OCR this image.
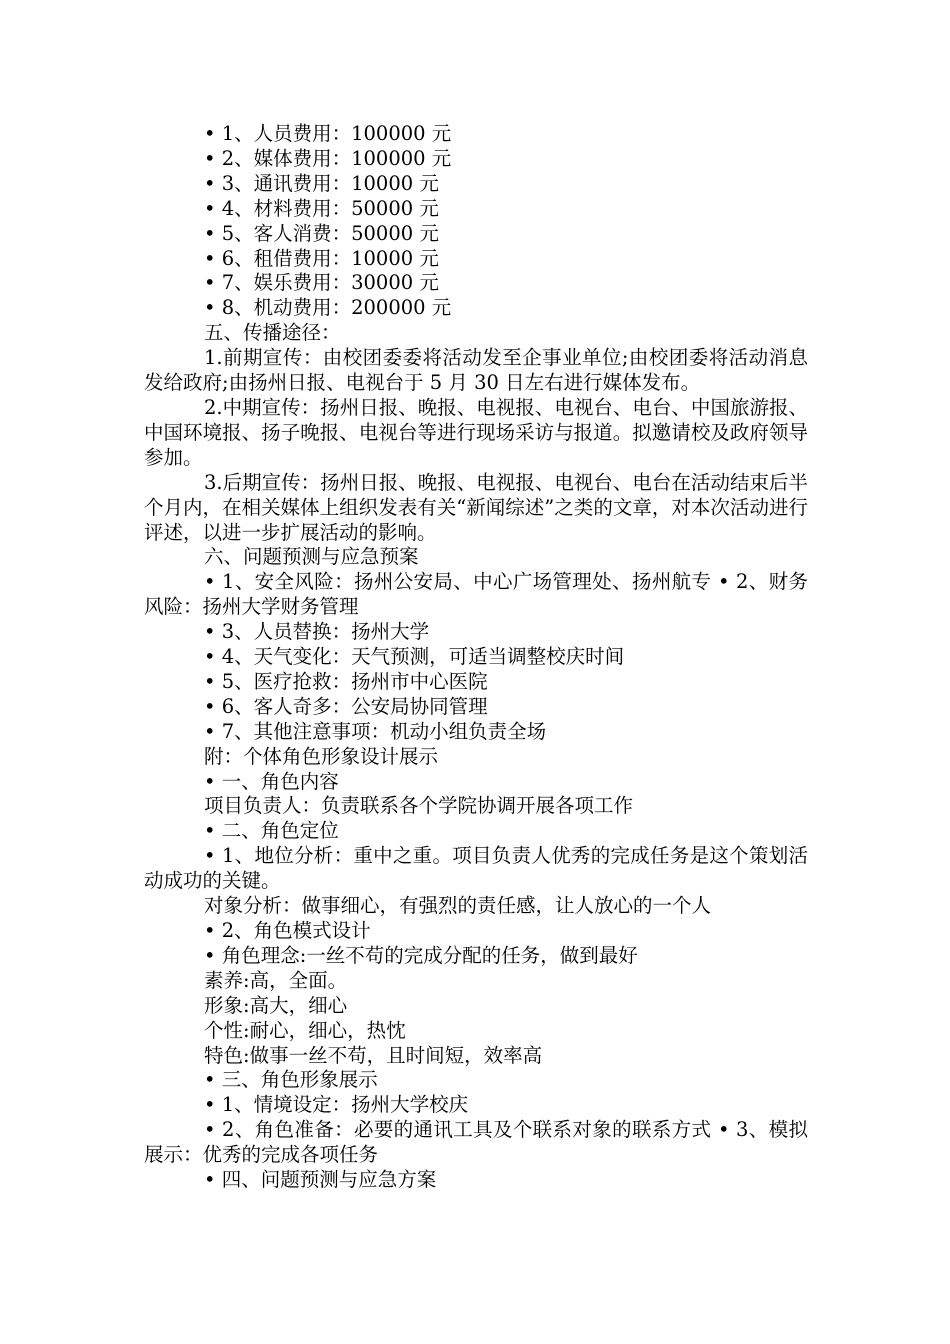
• 1、人员费用：100000 元

• 2、媒体费用：100000 元

• 3、通讯费用：10000 元

• 4、材料费用：50000 元

• 5、客人消费：50000 元

• 6、租借费用：10000 元

• 7、娱乐费用：30000 元

• 8、机动费用：200000 元

五、传播途径：

1.前期宣传：由校团委委将活动发至企事业单位;由校团委将活动消息发给政府;由扬州日报、电视台于 5 月 30 日左右进行媒体发布。

2.中期宣传：扬州日报、晚报、电视报、电视台、电台、中国旅游报、中国环境报、扬子晚报、电视台等进行现场采访与报道。拟邀请校及政府领导参加。

3.后期宣传：扬州日报、晚报、电视报、电视台、电台在活动结束后半个月内，在相关媒体上组织发表有关“新闻综述”之类的文章，对本次活动进行评述，以进一步扩展活动的影响。

六、问题预测与应急预案

• 1、安全风险：扬州公安局、中心广场管理处、扬州航专 • 2、财务风险：扬州大学财务管理

• 3、人员替换：扬州大学

• 4、天气变化：天气预测，可适当调整校庆时间

• 5、医疗抢救：扬州市中心医院

• 6、客人奇多：公安局协同管理

• 7、其他注意事项：机动小组负责全场

附：个体角色形象设计展示

• 一、角色内容

项目负责人：负责联系各个学院协调开展各项工作

• 二、角色定位

• 1、地位分析：重中之重。项目负责人优秀的完成任务是这个策划活动成功的关键。

对象分析：做事细心，有强烈的责任感，让人放心的一个人

• 2、角色模式设计

• 角色理念:一丝不苟的完成分配的任务，做到最好

素养:高，全面。

形象:高大，细心

个性:耐心，细心，热忱

特色:做事一丝不苟，且时间短，效率高

• 三、角色形象展示

• 1、情境设定：扬州大学校庆

• 2、角色准备：必要的通讯工具及个联系对象的联系方式 • 3、模拟展示：优秀的完成各项任务

• 四、问题预测与应急方案
